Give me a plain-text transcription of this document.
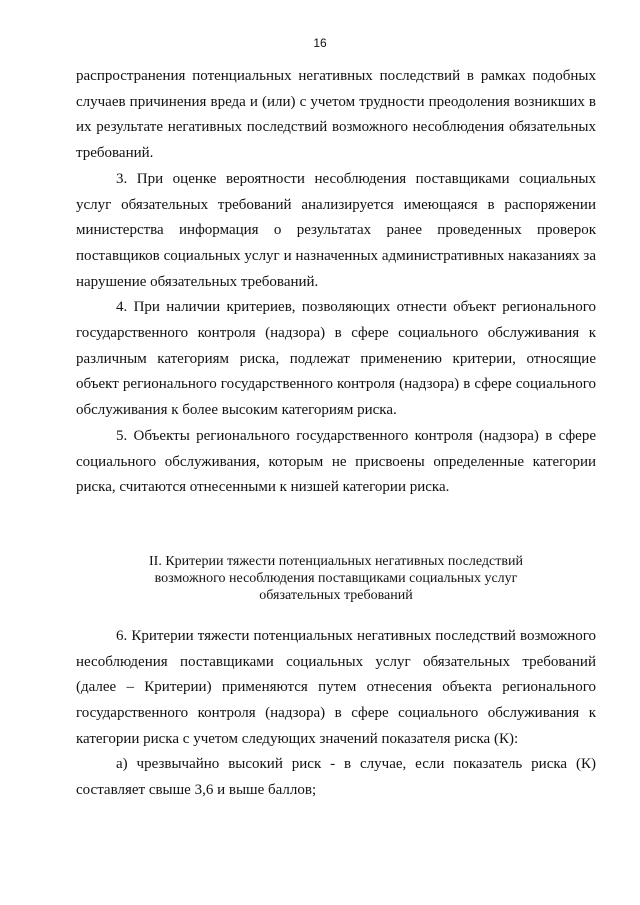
16

распространения потенциальных негативных последствий в рамках подобных случаев причинения вреда и (или) с учетом трудности преодоления возникших в их результате негативных последствий возможного несоблюдения обязательных требований.

3. При оценке вероятности несоблюдения поставщиками социальных услуг обязательных требований анализируется имеющаяся в распоряжении министерства информация о результатах ранее проведенных проверок поставщиков социальных услуг и назначенных административных наказаниях за нарушение обязательных требований.

4. При наличии критериев, позволяющих отнести объект регионального государственного контроля (надзора) в сфере социального обслуживания к различным категориям риска, подлежат применению критерии, относящие объект регионального государственного контроля (надзора) в сфере социального обслуживания к более высоким категориям риска.

5. Объекты регионального государственного контроля (надзора) в сфере социального обслуживания, которым не присвоены определенные категории риска, считаются отнесенными к низшей категории риска.

II. Критерии тяжести потенциальных негативных последствий
возможного несоблюдения поставщиками социальных услуг
обязательных требований

6. Критерии тяжести потенциальных негативных последствий возможного несоблюдения поставщиками социальных услуг обязательных требований (далее – Критерии) применяются путем отнесения объекта регионального государственного контроля (надзора) в сфере социального обслуживания к категории риска с учетом следующих значений показателя риска (К):

а) чрезвычайно высокий риск - в случае, если показатель риска (К) составляет свыше 3,6 и выше баллов;
